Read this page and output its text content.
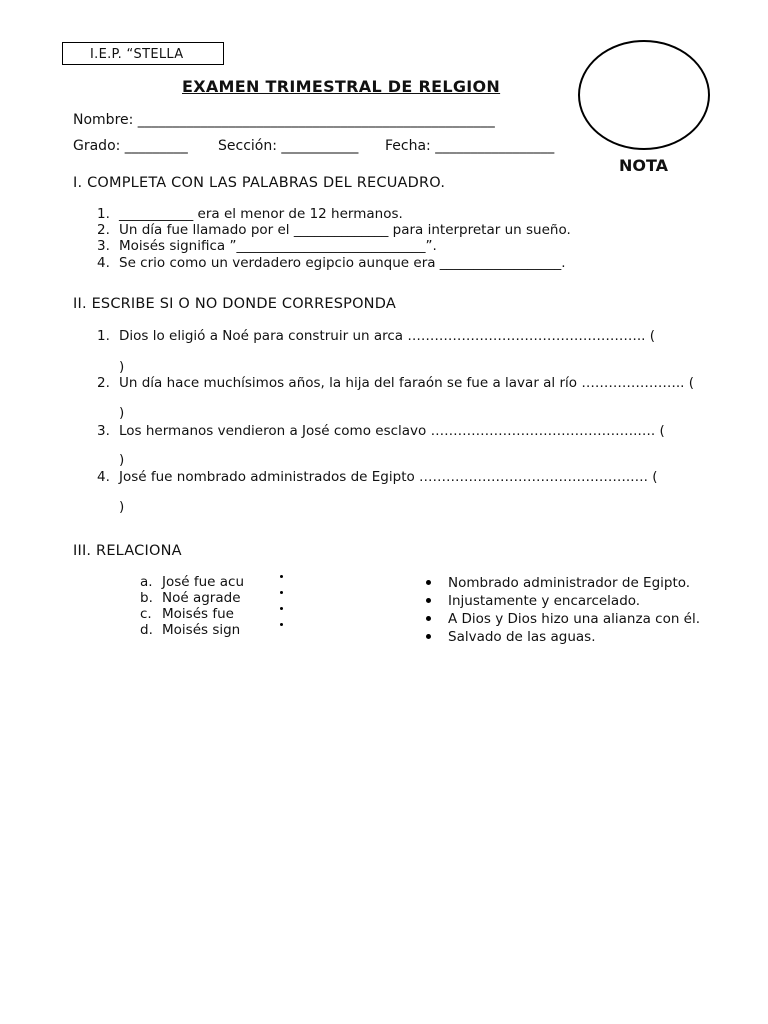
I.E.P. “STELLA
EXAMEN TRIMESTRAL DE RELGION
NOTA
Nombre: ___________________________________________________
Grado: _________ Sección: ___________ Fecha: _________________
I. COMPLETA CON LAS PALABRAS DEL RECUADRO.
1. ___________ era el menor de 12 hermanos.
2. Un día fue llamado por el ______________ para interpretar un sueño.
3. Moisés significa ”____________________________”.
4. Se crio como un verdadero egipcio aunque era __________________.
II. ESCRIBE SI O NO DONDE CORRESPONDA
1. Dios lo eligió a Noé para construir un arca …………………………………………….. (
)
2. Un día hace muchísimos años, la hija del faraón se fue a lavar al río ………………….. (
)
3. Los hermanos vendieron a José como esclavo ……………………………………….…. (
)
4. José fue nombrado administrados de Egipto ………………………………….…….…. (
)
III. RELACIONA
a. José fue acu
b. Noé agrade
c. Moisés fue
d. Moisés sign
Nombrado administrador de Egipto.
Injustamente y encarcelado.
A Dios y Dios hizo una alianza con él.
Salvado de las aguas.
